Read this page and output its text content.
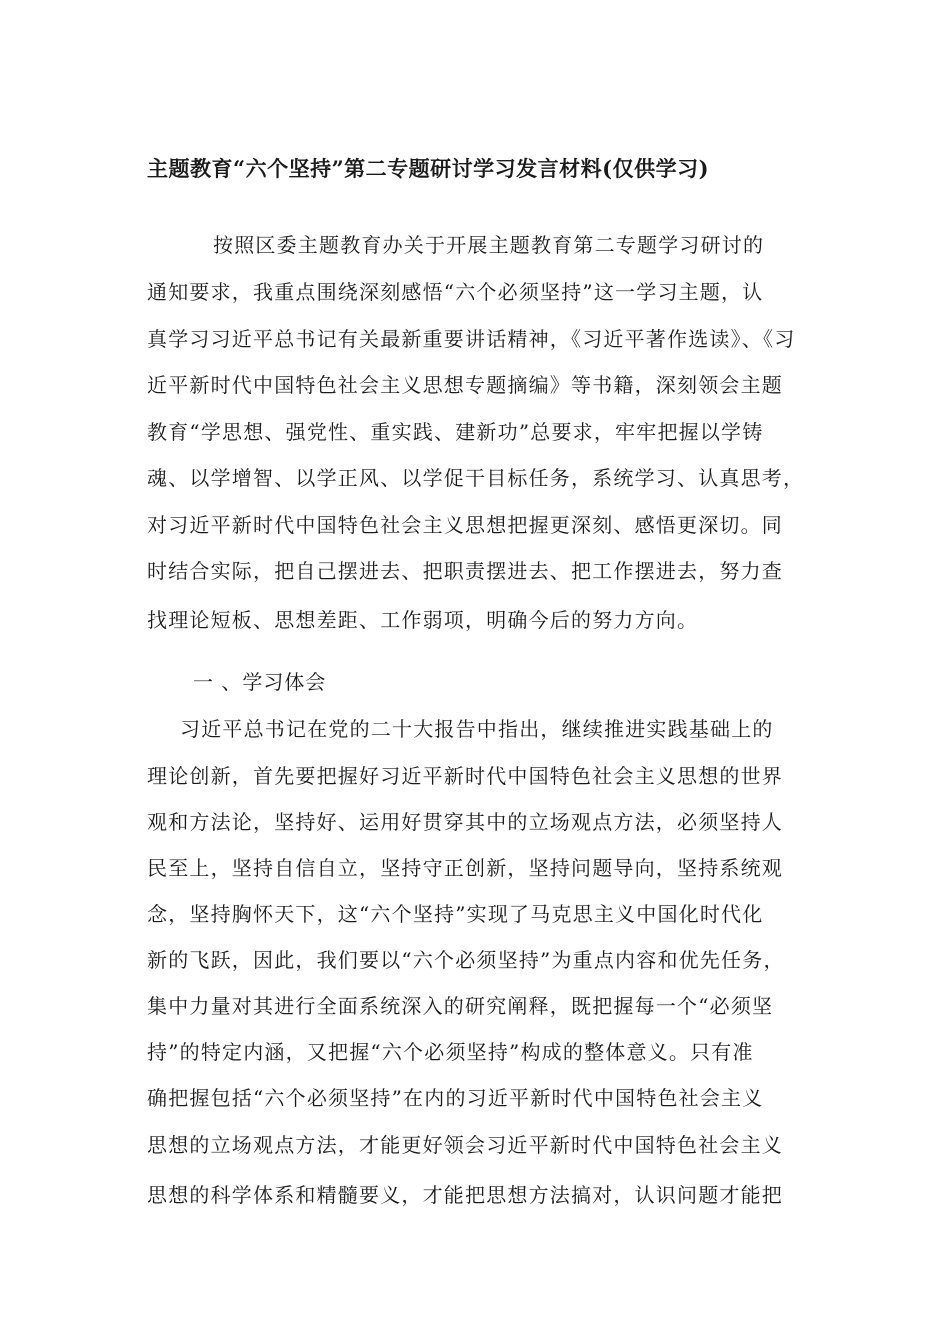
主题教育“六个坚持”第二专题研讨学习发言材料(仅供学习)
按照区委主题教育办关于开展主题教育第二专题学习研讨的
通知要求，我重点围绕深刻感悟“六个必须坚持”这一学习主题，认
真学习习近平总书记有关最新重要讲话精神，《习近平著作选读》、《习
近平新时代中国特色社会主义思想专题摘编》等书籍，深刻领会主题
教育“学思想、强党性、重实践、建新功”总要求，牢牢把握以学铸
魂、以学增智、以学正风、以学促干目标任务，系统学习、认真思考，
对习近平新时代中国特色社会主义思想把握更深刻、感悟更深切。同
时结合实际，把自己摆进去、把职责摆进去、把工作摆进去，努力查
找理论短板、思想差距、工作弱项，明确今后的努力方向。
一 、学习体会
习近平总书记在党的二十大报告中指出，继续推进实践基础上的
理论创新，首先要把握好习近平新时代中国特色社会主义思想的世界
观和方法论，坚持好、运用好贯穿其中的立场观点方法，必须坚持人
民至上，坚持自信自立，坚持守正创新，坚持问题导向，坚持系统观
念，坚持胸怀天下，这“六个坚持”实现了马克思主义中国化时代化
新的飞跃，因此，我们要以“六个必须坚持”为重点内容和优先任务，
集中力量对其进行全面系统深入的研究阐释，既把握每一个“必须坚
持”的特定内涵，又把握“六个必须坚持”构成的整体意义。只有准
确把握包括“六个必须坚持”在内的习近平新时代中国特色社会主义
思想的立场观点方法，才能更好领会习近平新时代中国特色社会主义
思想的科学体系和精髓要义，才能把思想方法搞对，认识问题才能把
